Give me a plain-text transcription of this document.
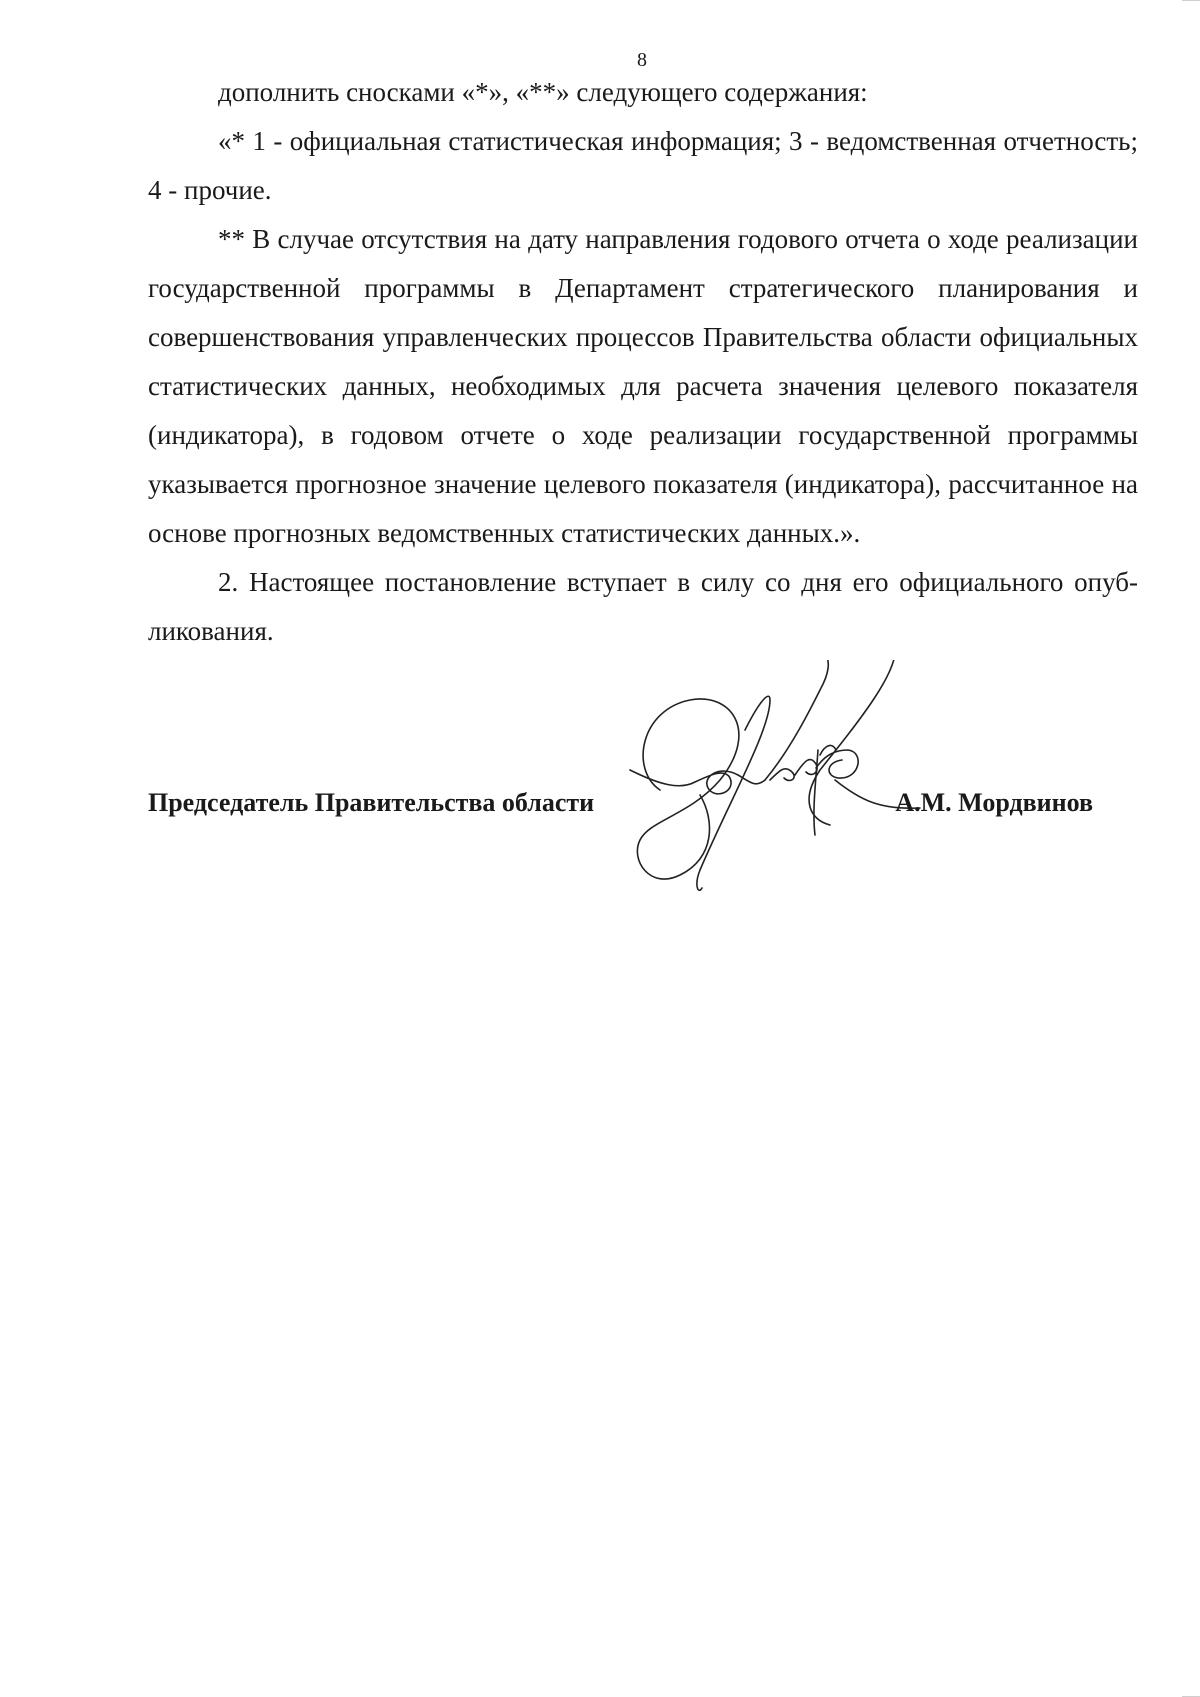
8

дополнить сносками «*», «**» следующего содержания:

«* 1 - официальная статистическая информация; 3 - ведомственная отчетность; 4 - прочие.

** В случае отсутствия на дату направления годового отчета о ходе реализации государственной программы в Департамент стратегического планирования и совершенствования управленческих процессов Правительства области официальных статистических данных, необходимых для расчета значения целевого показателя (индикатора), в годовом отчете о ходе реализации государственной программы указывается прогнозное значение целевого показателя (индикатора), рассчитанное на основе прогнозных ведомственных статистических данных.».

2. Настоящее постановление вступает в силу со дня его официального опубликования.

Председатель Правительства области	А.М. Мордвинов
